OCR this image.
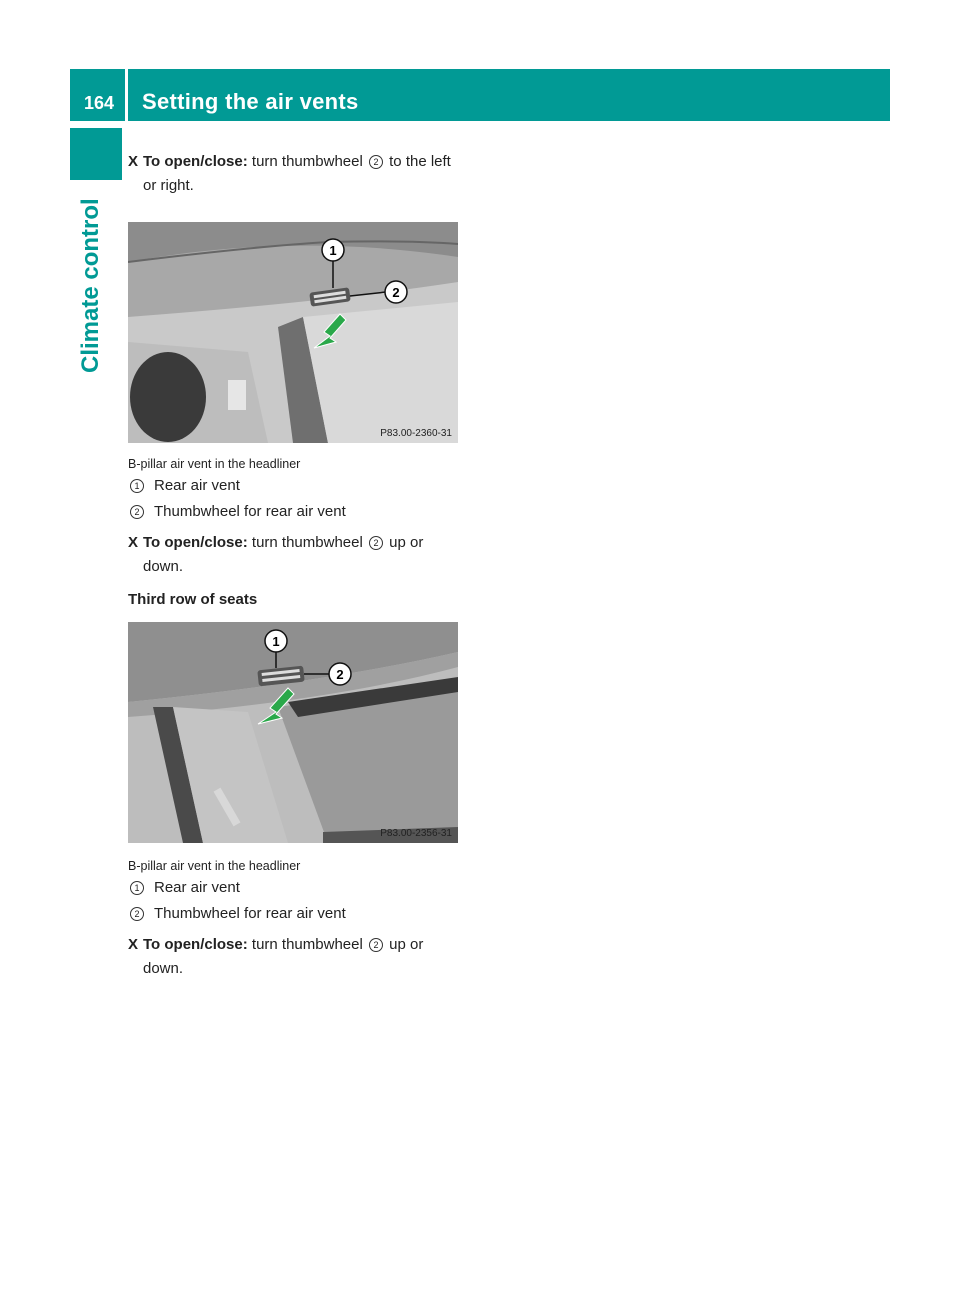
164 Setting the air vents
Climate control
X To open/close: turn thumbwheel 2 to the left or right.
1
2
P83.00-2360-31
B-pillar air vent in the headliner
1 Rear air vent
2 Thumbwheel for rear air vent
X To open/close: turn thumbwheel 2 up or down.
Third row of seats
1
2
P83.00-2356-31
B-pillar air vent in the headliner
1 Rear air vent
2 Thumbwheel for rear air vent
X To open/close: turn thumbwheel 2 up or down.
